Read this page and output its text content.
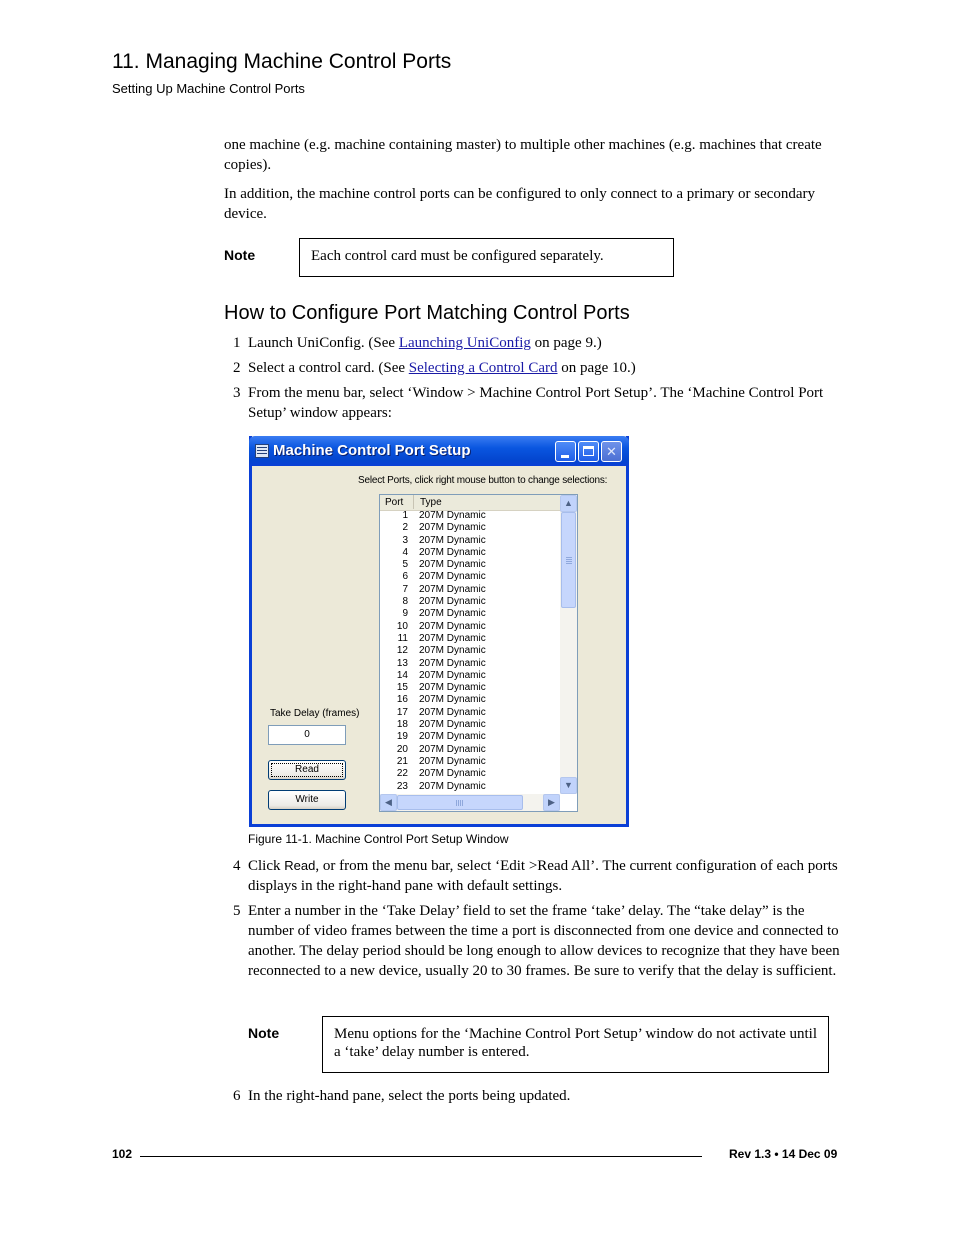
11. Managing Machine Control Ports
Setting Up Machine Control Ports
one machine (e.g. machine containing master) to multiple other machines (e.g. machines that create copies).
In addition, the machine control ports can be configured to only connect to a primary or secondary device.
Note	Each control card must be configured separately.
How to Configure Port Matching Control Ports
1 Launch UniConfig. (See Launching UniConfig on page 9.)
2 Select a control card. (See Selecting a Control Card on page 10.)
3 From the menu bar, select ‘Window > Machine Control Port Setup’. The ‘Machine Control Port Setup’ window appears:
Machine Control Port Setup	✕
Select Ports, click right mouse button to change selections:
Port	Type
1 207M Dynamic
2 207M Dynamic
3 207M Dynamic
4 207M Dynamic
5 207M Dynamic
6 207M Dynamic
7 207M Dynamic
8 207M Dynamic
9 207M Dynamic
10 207M Dynamic
11 207M Dynamic
12 207M Dynamic
13 207M Dynamic
14 207M Dynamic
15 207M Dynamic
16 207M Dynamic
17 207M Dynamic
18 207M Dynamic
19 207M Dynamic
20 207M Dynamic
21 207M Dynamic
22 207M Dynamic
23 207M Dynamic
▲
▼
◀	▶
Take Delay (frames)
0
Read
Write
Figure 11-1. Machine Control Port Setup Window
4 Click Read, or from the menu bar, select ‘Edit >Read All’. The current configuration of each ports displays in the right-hand pane with default settings.
5 Enter a number in the ‘Take Delay’ field to set the frame ‘take’ delay. The “take delay” is the number of video frames between the time a port is disconnected from one device and connected to another. The delay period should be long enough to allow devices to recognize that they have been reconnected to a new device, usually 20 to 30 frames. Be sure to verify that the delay is sufficient.
Note	Menu options for the ‘Machine Control Port Setup’ window do not activate until a ‘take’ delay number is entered.
6 In the right-hand pane, select the ports being updated.
102	Rev 1.3 • 14 Dec 09
